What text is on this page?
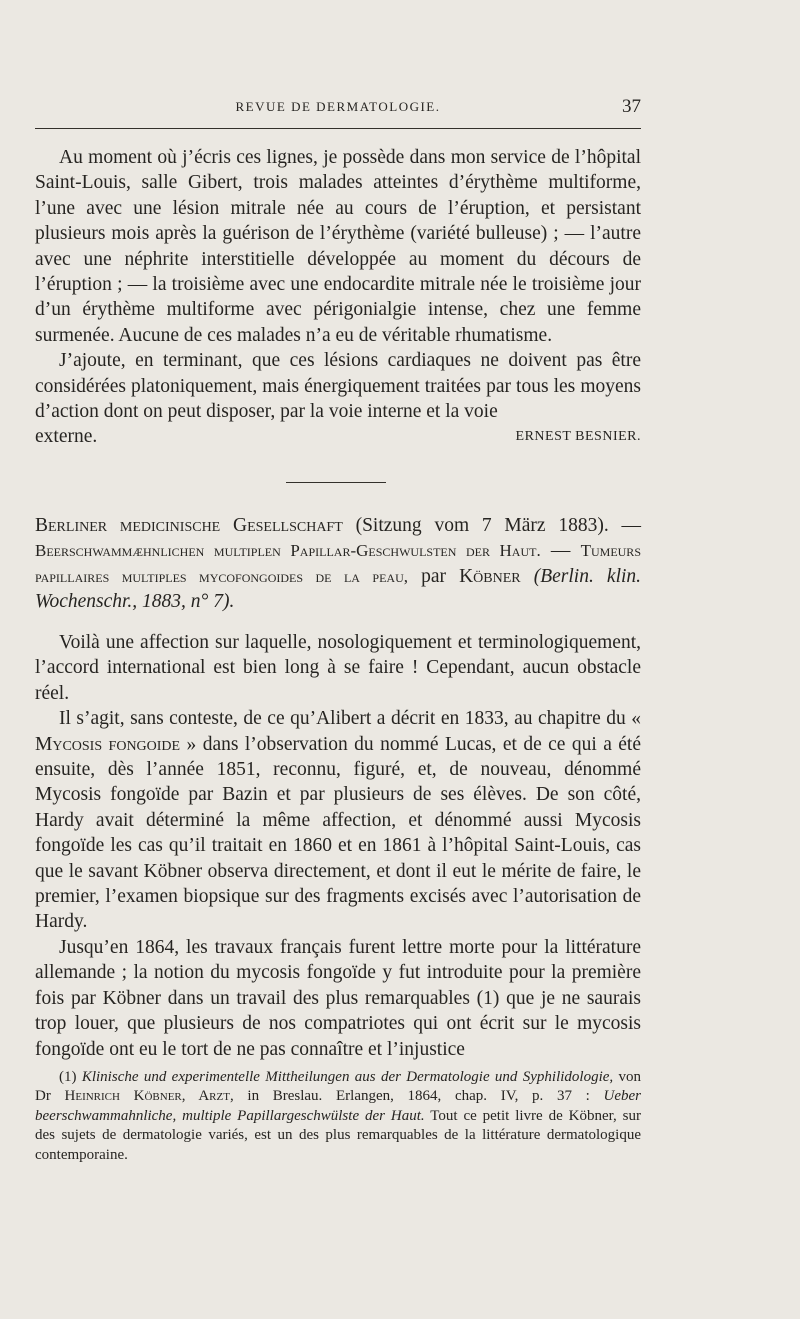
REVUE DE DERMATOLOGIE.	37

Au moment où j’écris ces lignes, je possède dans mon service de l’hôpital Saint-Louis, salle Gibert, trois malades atteintes d’érythème multiforme, l’une avec une lésion mitrale née au cours de l’éruption, et persistant plusieurs mois après la guérison de l’érythème (variété bulleuse) ; — l’autre avec une néphrite interstitielle développée au moment du décours de l’éruption ; — la troisième avec une endocardite mitrale née le troisième jour d’un érythème multiforme avec périgonialgie intense, chez une femme surmenée. Aucune de ces malades n’a eu de véritable rhumatisme.

J’ajoute, en terminant, que ces lésions cardiaques ne doivent pas être considérées platoniquement, mais énergiquement traitées par tous les moyens d’action dont on peut disposer, par la voie interne et la voie

externe.	ERNEST BESNIER.

Berliner medicinische Gesellschaft (Sitzung vom 7 März 1883). — Beerschwammæhnlichen multiplen Papillar-Geschwulsten der Haut. — Tumeurs papillaires multiples mycofongoides de la peau, par Köbner (Berlin. klin. Wochenschr., 1883, n° 7).

Voilà une affection sur laquelle, nosologiquement et terminologiquement, l’accord international est bien long à se faire ! Cependant, aucun obstacle réel.

Il s’agit, sans conteste, de ce qu’Alibert a décrit en 1833, au chapitre du « Mycosis fongoide » dans l’observation du nommé Lucas, et de ce qui a été ensuite, dès l’année 1851, reconnu, figuré, et, de nouveau, dénommé Mycosis fongoïde par Bazin et par plusieurs de ses élèves. De son côté, Hardy avait déterminé la même affection, et dénommé aussi Mycosis fongoïde les cas qu’il traitait en 1860 et en 1861 à l’hôpital Saint-Louis, cas que le savant Köbner observa directement, et dont il eut le mérite de faire, le premier, l’examen biopsique sur des fragments excisés avec l’autorisation de Hardy.

Jusqu’en 1864, les travaux français furent lettre morte pour la littérature allemande ; la notion du mycosis fongoïde y fut introduite pour la première fois par Köbner dans un travail des plus remarquables (1) que je ne saurais trop louer, que plusieurs de nos compatriotes qui ont écrit sur le mycosis fongoïde ont eu le tort de ne pas connaître et l’injustice

(1) Klinische und experimentelle Mittheilungen aus der Dermatologie und Syphilidologie, von Dr Heinrich Köbner, Arzt, in Breslau. Erlangen, 1864, chap. IV, p. 37 : Ueber beerschwammahnliche, multiple Papillargeschwülste der Haut. Tout ce petit livre de Köbner, sur des sujets de dermatologie variés, est un des plus remarquables de la littérature dermatologique contemporaine.
